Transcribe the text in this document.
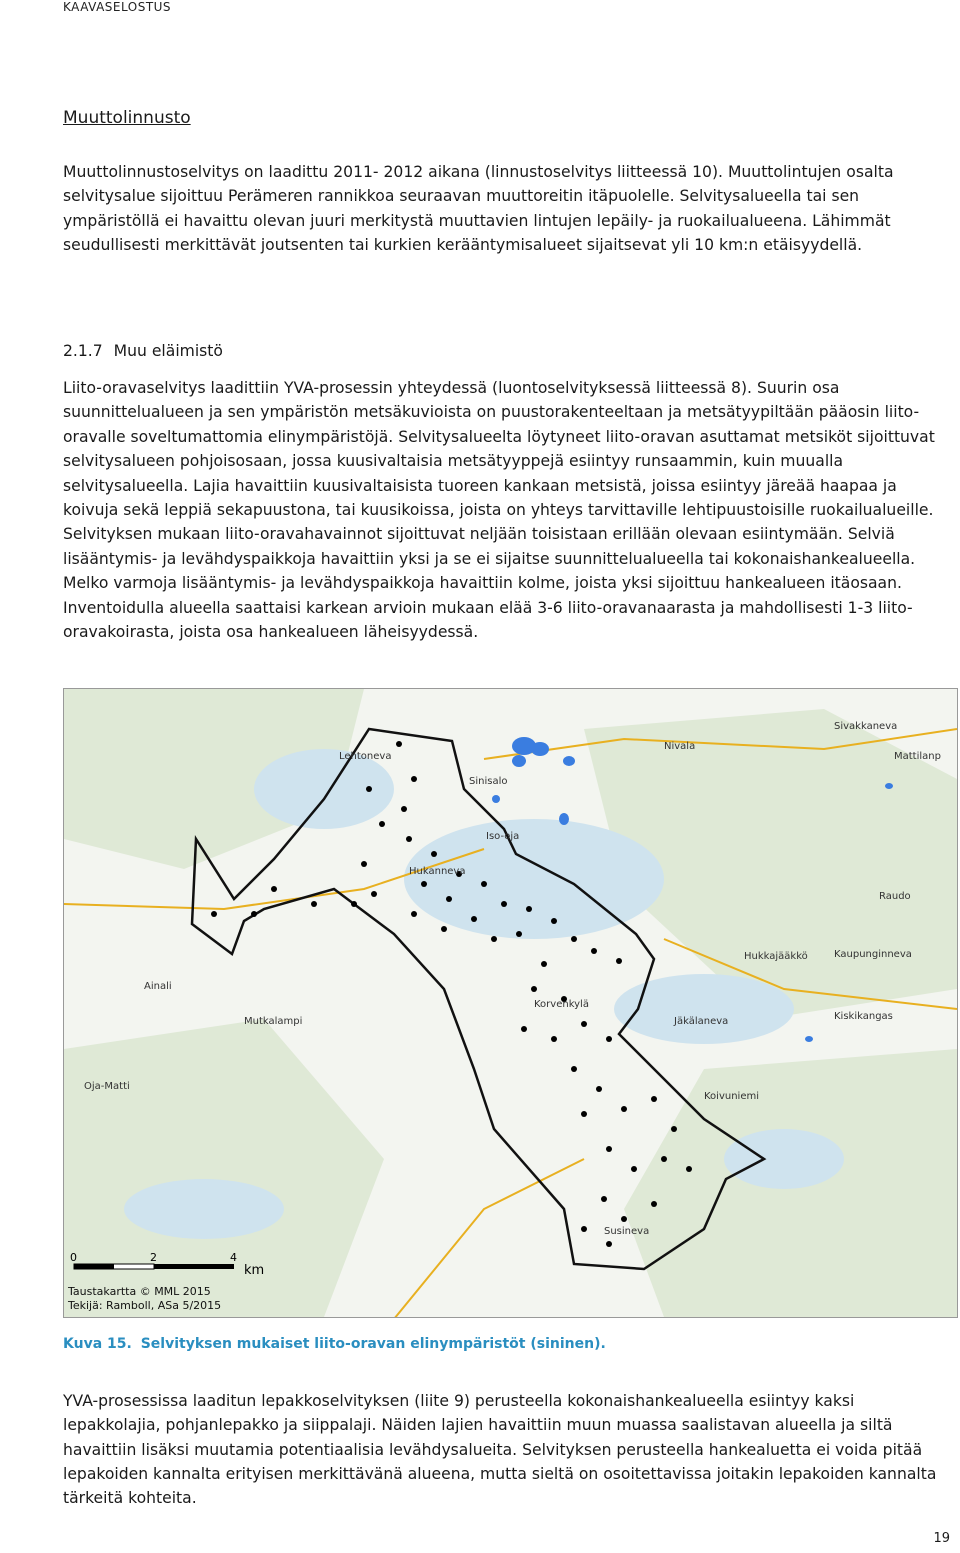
KAAVASELOSTUS
Muuttolinnusto

Muuttolinnustoselvitys on laadittu 2011- 2012 aikana (linnustoselvitys liitteessä 10). Muuttolintujen osalta selvitysalue sijoittuu Perämeren rannikkoa seuraavan muuttoreitin itäpuolelle. Selvitysalueella tai sen ympäristöllä ei havaittu olevan juuri merkitystä muuttavien lintujen lepäily- ja ruokailualueena. Lähimmät seudullisesti merkittävät joutsenten tai kurkien kerääntymisalueet sijaitsevat yli 10 km:n etäisyydellä.

2.1.7 Muu eläimistö

Liito-oravaselvitys laadittiin YVA-prosessin yhteydessä (luontoselvityksessä liitteessä 8). Suurin osa suunnittelualueen ja sen ympäristön metsäkuvioista on puustorakenteeltaan ja metsätyypiltään pääosin liito-oravalle soveltumattomia elinympäristöjä. Selvitysalueelta löytyneet liito-oravan asuttamat metsiköt sijoittuvat selvitysalueen pohjoisosaan, jossa kuusivaltaisia metsätyyppejä esiintyy runsaammin, kuin muualla selvitysalueella. Lajia havaittiin kuusivaltaisista tuoreen kankaan metsistä, joissa esiintyy järeää haapaa ja koivuja sekä leppiä sekapuustona, tai kuusikoissa, joista on yhteys tarvittaville lehtipuustoisille ruokailualueille. Selvityksen mukaan liito-oravahavainnot sijoittuvat neljään toisistaan erillään olevaan esiintymään. Selviä lisääntymis- ja levähdyspaikkoja havaittiin yksi ja se ei sijaitse suunnittelualueella tai kokonaishankealueella. Melko varmoja lisääntymis- ja levähdyspaikkoja havaittiin kolme, joista yksi sijoittuu hankealueen itäosaan. Inventoidulla alueella saattaisi karkean arvioin mukaan elää 3-6 liito-oravanaarasta ja mahdollisesti 1-3 liito-oravakoirasta, joista osa hankealueen läheisyydessä.

Lehtoneva
Sivakkaneva
Mattilanp
Nivala
Sinisalo
Iso-oja
Hukanneva
Raudo
Ainali
Mutkalampi
Koivuniemi
Jäkälaneva
Hukkajääkkö	Kaupunginneva
Korvenkylä
Susineva
Oja-Matti
Kiskikangas
0	2	4
km
Taustakartta © MML 2015
Tekijä: Ramboll, ASa 5/2015
Kuva 15. Selvityksen mukaiset liito-oravan elinympäristöt (sininen).

YVA-prosessissa laaditun lepakkoselvityksen (liite 9) perusteella kokonaishankealueella esiintyy kaksi lepakkolajia, pohjanlepakko ja siippalaji. Näiden lajien havaittiin muun muassa saalistavan alueella ja siltä havaittiin lisäksi muutamia potentiaalisia levähdysalueita. Selvityksen perusteella hankealuetta ei voida pitää lepakoiden kannalta erityisen merkittävänä alueena, mutta sieltä on osoitettavissa joitakin lepakoiden kannalta tärkeitä kohteita.

19
